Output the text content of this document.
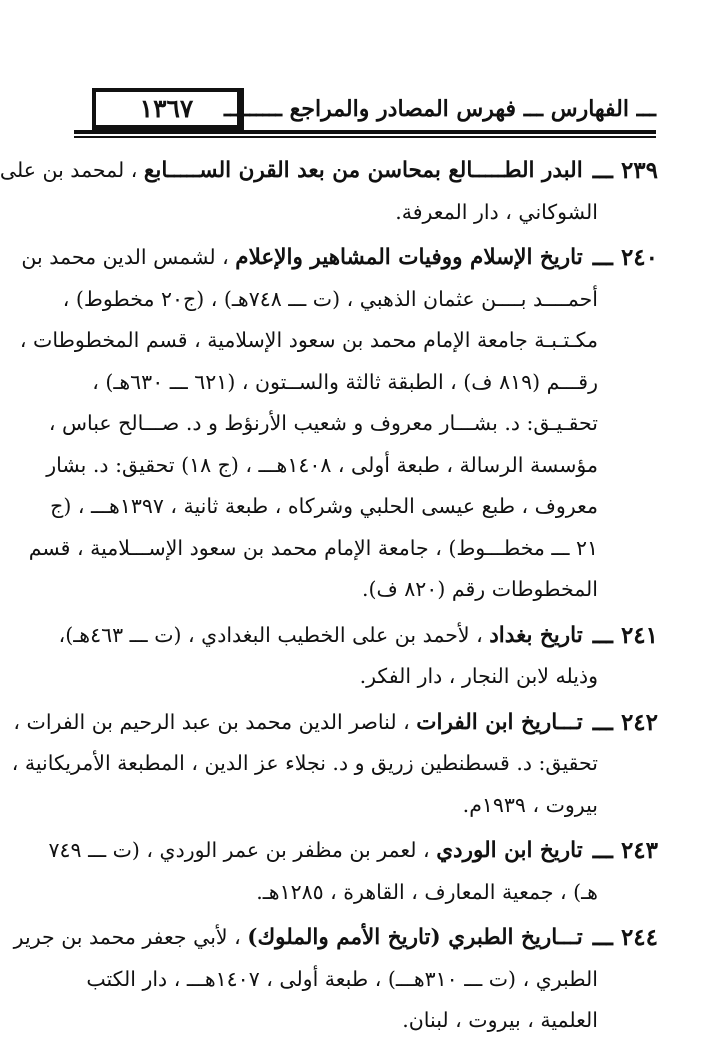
١٣٦٧ ـــ الفهارس ـــ فهرس المصادر والمراجع ـــــــــ
٢٣٩ ـــ
البدر الطـــــالع بمحاسن من بعد القرن الســـــابع

، لمحمد بن على
الشوكاني ، دار المعرفة.
٢٤٠ ـــ
تاريخ الإسلام ووفيات المشاهير والإعلام

، لشمس الدين محمد بن
أحمــــد بــــن عثمان الذهبي ، (ت ـــ ٧٤٨هـ) ، (ج٢٠ مخطوط) ،
مكـتـبـة جامعة الإمام محمد بن سعود الإسلامية ، قسم المخطوطات ،
رقـــم (٨١٩ ف) ، الطبقة ثالثة والســتون ، (٦٢١ ـــ ٦٣٠هـ) ،
تحقـيـق: د. بشـــار معروف و شعيب الأرنؤط و د. صـــالح عباس ،
مؤسسة الرسالة ، طبعة أولى ، ١٤٠٨هـــ ، (ج ١٨) تحقيق: د. بشار
معروف ، طبع عيسى الحلبي وشركاه ، طبعة ثانية ، ١٣٩٧هـــ ، (ج
٢١ ـــ مخطـــوط) ، جامعة الإمام محمد بن سعود الإســـلامية ، قسم
المخطوطات رقم (٨٢٠ ف).
٢٤١ ـــ
تاريخ بغداد

، لأحمد بن على الخطيب البغدادي ، (ت ـــ ٤٦٣هـ)،
وذيله لابن النجار ، دار الفكر.
٢٤٢ ـــ
تـــاريخ ابن الفرات

، لناصر الدين محمد بن عبد الرحيم بن الفرات ،
تحقيق: د. قسطنطين زريق و د. نجلاء عز الدين ، المطبعة الأمريكانية ،
بيروت ، ١٩٣٩م.
٢٤٣ ـــ
تاريخ ابن الوردي

، لعمر بن مظفر بن عمر الوردي ، (ت ـــ ٧٤٩
هـ) ، جمعية المعارف ، القاهرة ، ١٢٨٥هـ.
٢٤٤ ـــ
تـــاريخ الطبري (تاريخ الأمم والملوك)

، لأبي جعفر محمد بن جرير
الطبري ، (ت ـــ ٣١٠هـــ) ، طبعة أولى ، ١٤٠٧هـــ ، دار الكتب
العلمية ، بيروت ، لبنان.
